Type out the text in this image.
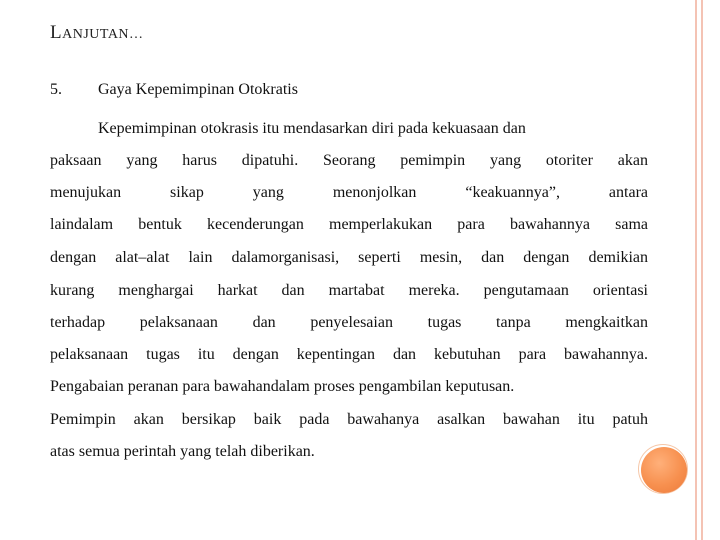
LANJUTAN…
5. Gaya Kepemimpinan Otokratis
Kepemimpinan otokrasis itu mendasarkan diri pada kekuasaan dan
paksaan yang harus dipatuhi. Seorang pemimpin yang otoriter akan
menujukan sikap yang menonjolkan “keakuannya”, antara
laindalam bentuk kecenderungan memperlakukan para bawahannya sama
dengan alat–alat lain dalamorganisasi, seperti mesin, dan dengan demikian
kurang menghargai harkat dan martabat mereka. pengutamaan orientasi
terhadap pelaksanaan dan penyelesaian tugas tanpa mengkaitkan
pelaksanaan tugas itu dengan kepentingan dan kebutuhan para bawahannya.
Pengabaian peranan para bawahandalam proses pengambilan keputusan.
Pemimpin akan bersikap baik pada bawahanya asalkan bawahan itu patuh
atas semua perintah yang telah diberikan.
